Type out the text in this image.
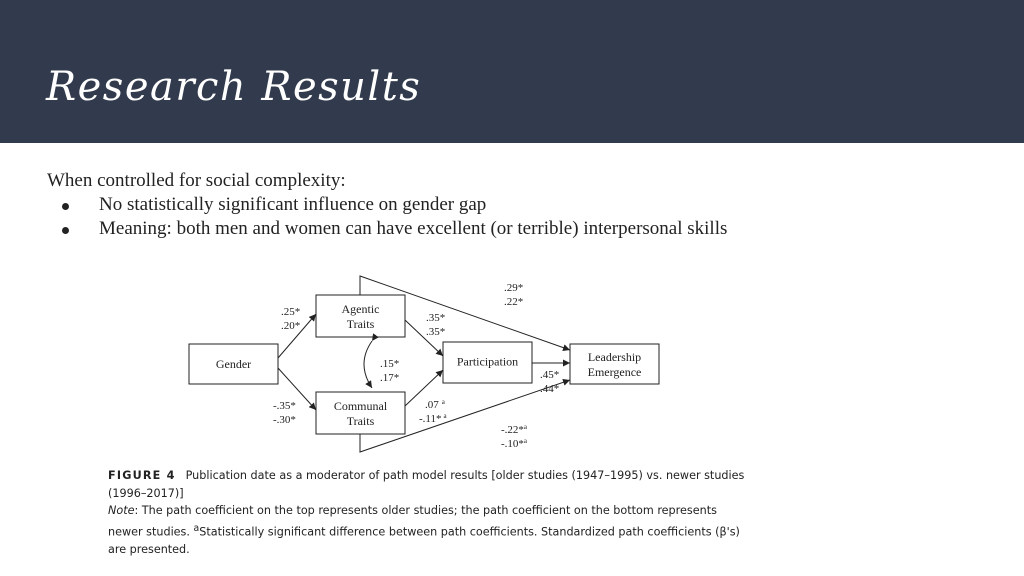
Research Results
When controlled for social complexity:
No statistically significant influence on gender gap
Meaning: both men and women can have excellent (or terrible) interpersonal skills
Gender
Agentic
Traits
Communal
Traits
Participation	Leadership
Emergence
.25*
.20*
-.35*
-.30*
.15*
.17*
.35*
.35*
.07 $^a$
-.11* $^a$
.45*
.44*
.29*
.22*
-.22*$^a$
-.10*$^a$
FIGURE 4 Publication date as a moderator of path model results [older studies (1947–1995) vs. newer studies (1996–2017)]
Note: The path coefficient on the top represents older studies; the path coefficient on the bottom represents newer studies. $^a$Statistically significant difference between path coefficients. Standardized path coefficients (β's) are presented.
